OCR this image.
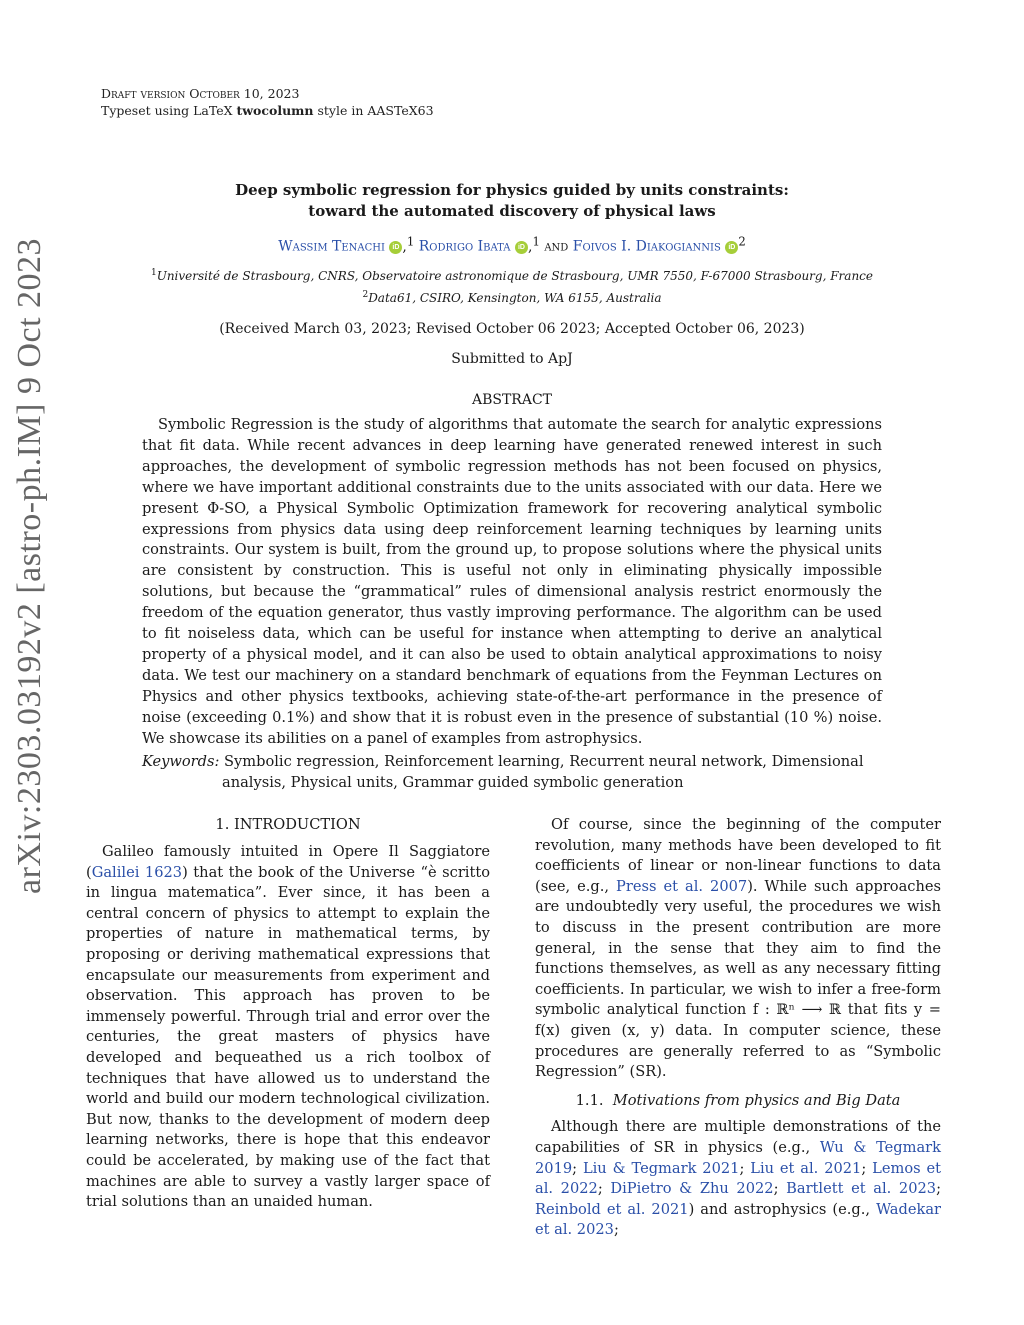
Draft version October 10, 2023
Typeset using LaTeX twocolumn style in AASTeX63
arXiv:2303.03192v2 [astro-ph.IM] 9 Oct 2023
Deep symbolic regression for physics guided by units constraints:
toward the automated discovery of physical laws
Wassim Tenachi iD ,$^1$ Rodrigo Ibata iD ,$^1$ and Foivos I. Diakogiannis iD $^2$
$^1$Université de Strasbourg, CNRS, Observatoire astronomique de Strasbourg, UMR 7550, F-67000 Strasbourg, France
$^2$Data61, CSIRO, Kensington, WA 6155, Australia
(Received March 03, 2023; Revised October 06 2023; Accepted October 06, 2023)
Submitted to ApJ
ABSTRACT
Symbolic Regression is the study of algorithms that automate the search for analytic expressions that fit data. While recent advances in deep learning have generated renewed interest in such approaches, the development of symbolic regression methods has not been focused on physics, where we have important additional constraints due to the units associated with our data. Here we present Φ-SO, a Physical Symbolic Optimization framework for recovering analytical symbolic expressions from physics data using deep reinforcement learning techniques by learning units constraints. Our system is built, from the ground up, to propose solutions where the physical units are consistent by construction. This is useful not only in eliminating physically impossible solutions, but because the “grammatical” rules of dimensional analysis restrict enormously the freedom of the equation generator, thus vastly improving performance. The algorithm can be used to fit noiseless data, which can be useful for instance when attempting to derive an analytical property of a physical model, and it can also be used to obtain analytical approximations to noisy data. We test our machinery on a standard benchmark of equations from the Feynman Lectures on Physics and other physics textbooks, achieving state-of-the-art performance in the presence of noise (exceeding 0.1%) and show that it is robust even in the presence of substantial (10 %) noise. We showcase its abilities on a panel of examples from astrophysics.
Keywords: Symbolic regression, Reinforcement learning, Recurrent neural network, Dimensional analysis, Physical units, Grammar guided symbolic generation
1. INTRODUCTION

Galileo famously intuited in Opere Il Saggiatore (Galilei 1623) that the book of the Universe “è scritto in lingua matematica”. Ever since, it has been a central concern of physics to attempt to explain the properties of nature in mathematical terms, by proposing or deriving mathematical expressions that encapsulate our measurements from experiment and observation. This approach has proven to be immensely powerful. Through trial and error over the centuries, the great masters of physics have developed and bequeathed us a rich toolbox of techniques that have allowed us to understand the world and build our modern technological civilization. But now, thanks to the development of modern deep learning networks, there is hope that this endeavor could be accelerated, by making use of the fact that machines are able to survey a vastly larger space of trial solutions than an unaided human.

Of course, since the beginning of the computer revolution, many methods have been developed to fit coefficients of linear or non-linear functions to data (see, e.g., Press et al. 2007). While such approaches are undoubtedly very useful, the procedures we wish to discuss in the present contribution are more general, in the sense that they aim to find the functions themselves, as well as any necessary fitting coefficients. In particular, we wish to infer a free-form symbolic analytical function f : ℝⁿ ⟶ ℝ that fits y = f(x) given (x, y) data. In computer science, these procedures are generally referred to as “Symbolic Regression” (SR).

1.1. Motivations from physics and Big Data

Although there are multiple demonstrations of the capabilities of SR in physics (e.g., Wu & Tegmark 2019; Liu & Tegmark 2021; Liu et al. 2021; Lemos et al. 2022; DiPietro & Zhu 2022; Bartlett et al. 2023; Reinbold et al. 2021) and astrophysics (e.g., Wadekar et al. 2023;
